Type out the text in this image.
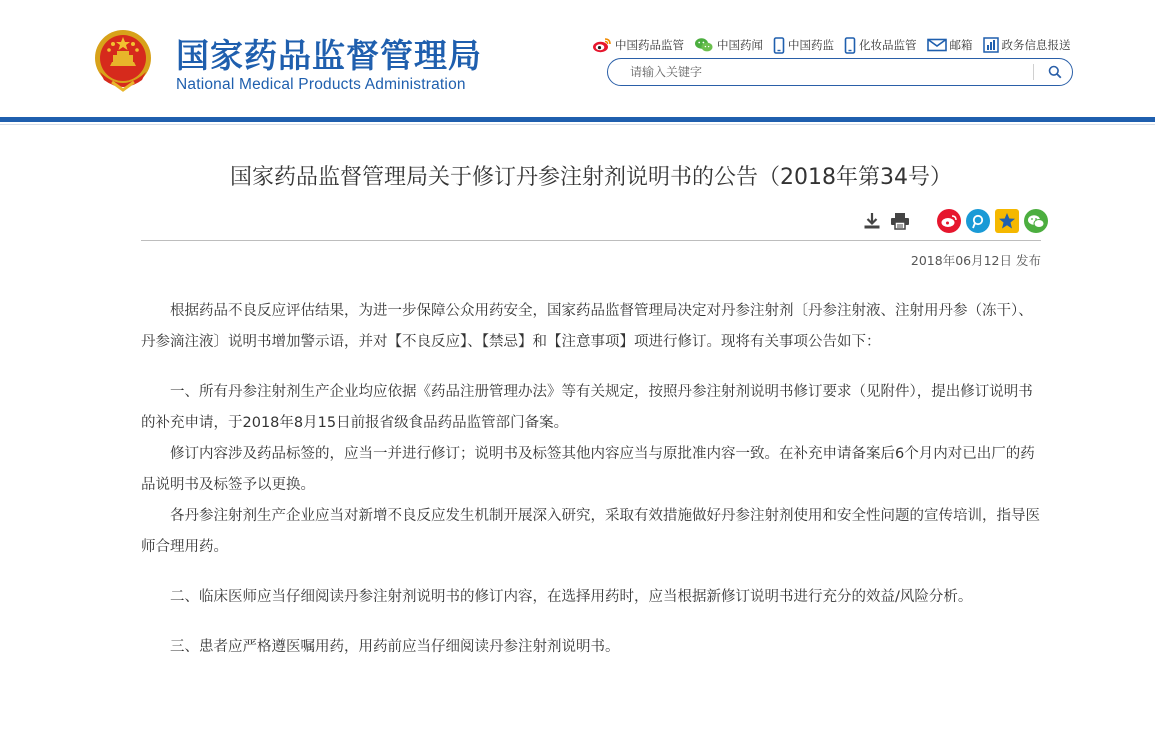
国家药品监督管理局
National Medical Products Administration
中国药品监管	中国药闻 中国药监 化妆品监管	邮箱	政务信息报送
请输入关键字
国家药品监督管理局关于修订丹参注射剂说明书的公告（2018年第34号）
2018年06月12日 发布

根据药品不良反应评估结果，为进一步保障公众用药安全，国家药品监督管理局决定对丹参注射剂〔丹参注射液、注射用丹参（冻干）、丹参滴注液〕说明书增加警示语，并对【不良反应】、【禁忌】和【注意事项】项进行修订。现将有关事项公告如下：

一、所有丹参注射剂生产企业均应依据《药品注册管理办法》等有关规定，按照丹参注射剂说明书修订要求（见附件），提出修订说明书的补充申请，于2018年8月15日前报省级食品药品监管部门备案。

修订内容涉及药品标签的，应当一并进行修订；说明书及标签其他内容应当与原批准内容一致。在补充申请备案后6个月内对已出厂的药品说明书及标签予以更换。

各丹参注射剂生产企业应当对新增不良反应发生机制开展深入研究，采取有效措施做好丹参注射剂使用和安全性问题的宣传培训，指导医师合理用药。

二、临床医师应当仔细阅读丹参注射剂说明书的修订内容，在选择用药时，应当根据新修订说明书进行充分的效益/风险分析。

三、患者应严格遵医嘱用药，用药前应当仔细阅读丹参注射剂说明书。
